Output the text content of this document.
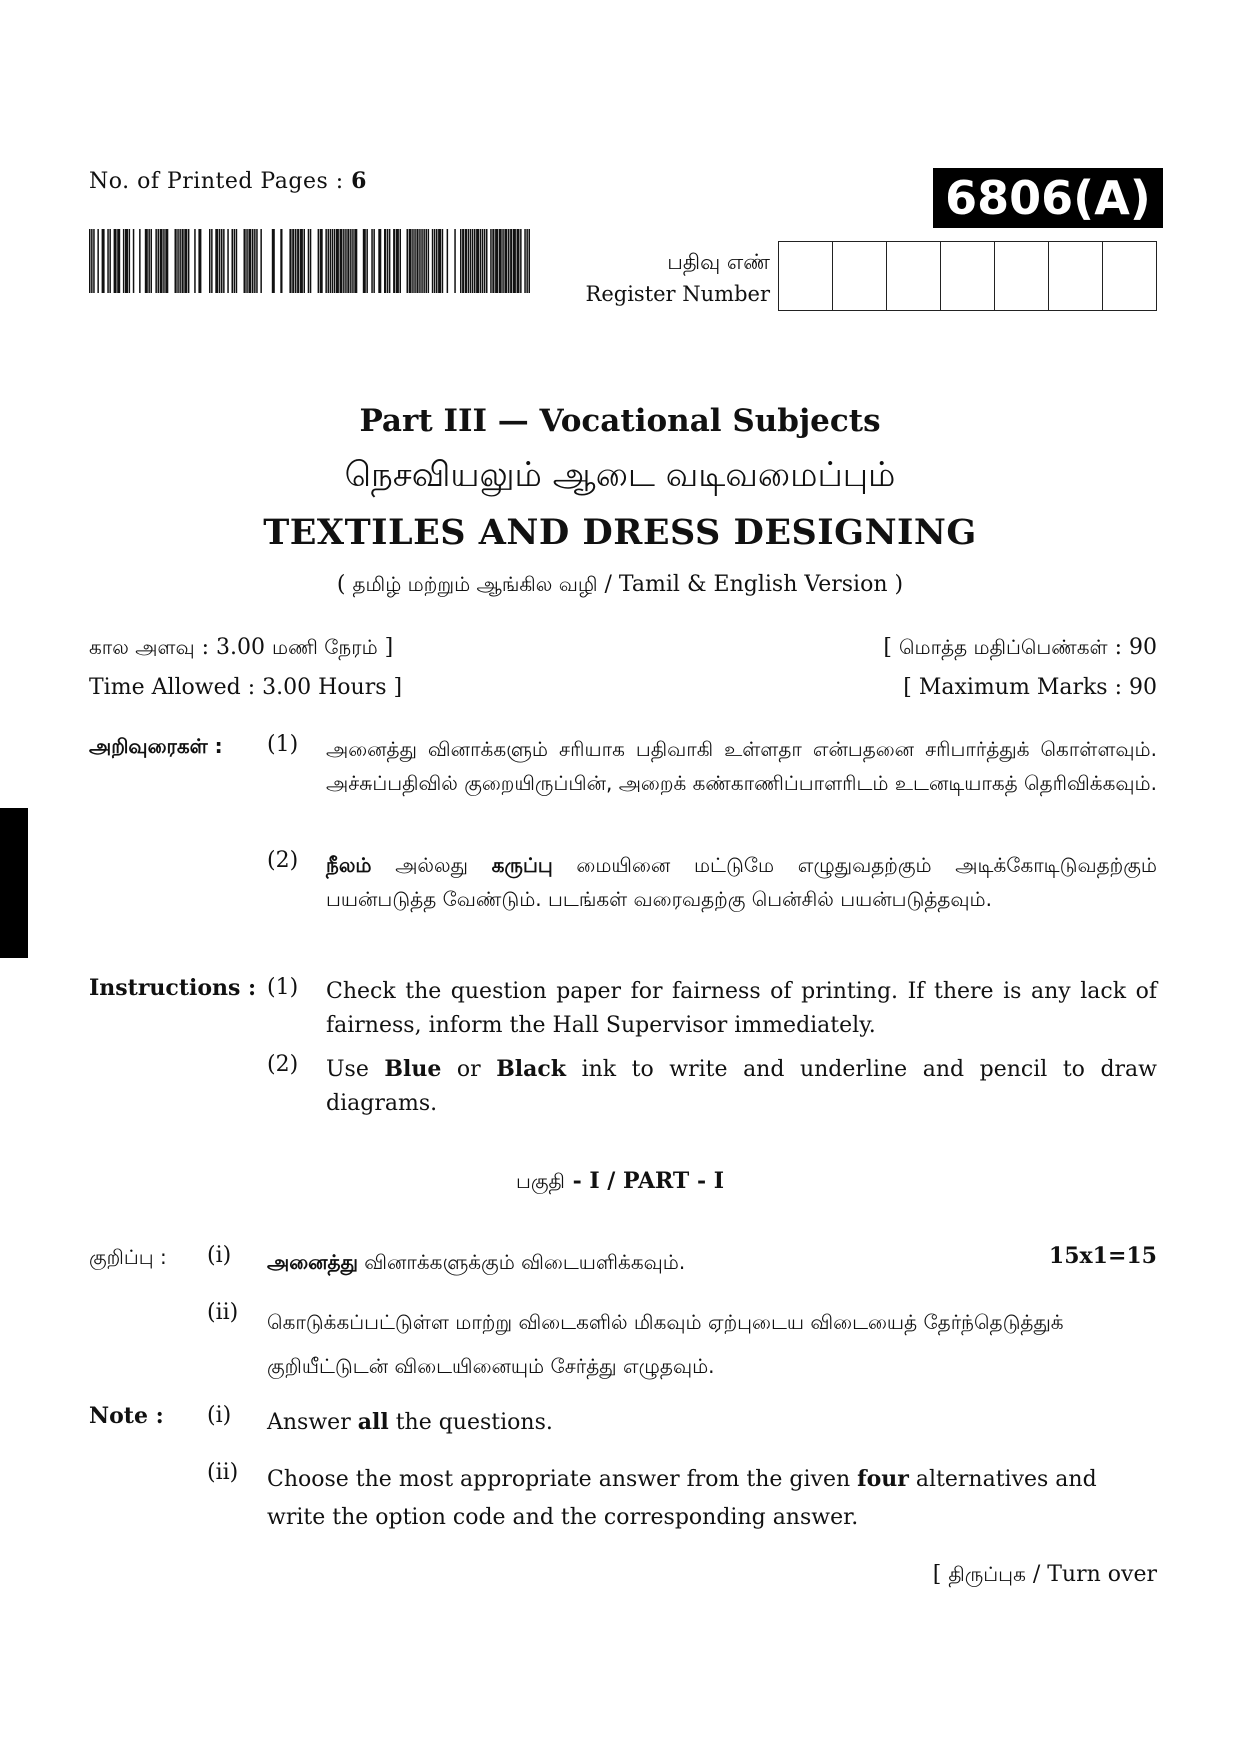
No. of Printed Pages : 6	6806(A)
பதிவு எண்
Register Number
Part III — Vocational Subjects
நெசவியலும் ஆடை வடிவமைப்பும்
TEXTILES AND DRESS DESIGNING
( தமிழ் மற்றும் ஆங்கில வழி / Tamil & English Version )
கால அளவு : 3.00 மணி நேரம் ]	[ மொத்த மதிப்பெண்கள் : 90
Time Allowed : 3.00 Hours ]	[ Maximum Marks : 90
அறிவுரைகள் : (1) அனைத்து வினாக்களும் சரியாக பதிவாகி உள்ளதா என்பதனை சரிபார்த்துக் கொள்ளவும். அச்சுப்பதிவில் குறையிருப்பின், அறைக் கண்காணிப்பாளரிடம் உடனடியாகத் தெரிவிக்கவும்.
(2) நீலம் அல்லது கருப்பு மையினை மட்டுமே எழுதுவதற்கும் அடிக்கோடிடுவதற்கும் பயன்படுத்த வேண்டும். படங்கள் வரைவதற்கு பென்சில் பயன்படுத்தவும்.
Instructions : (1) Check the question paper for fairness of printing. If there is any lack of fairness, inform the Hall Supervisor immediately.
(2) Use Blue or Black ink to write and underline and pencil to draw diagrams.
பகுதி - I / PART - I
குறிப்பு : (i) அனைத்து வினாக்களுக்கும் விடையளிக்கவும்.	15x1=15
(ii) கொடுக்கப்பட்டுள்ள மாற்று விடைகளில் மிகவும் ஏற்புடைய விடையைத் தேர்ந்தெடுத்துக் குறியீட்டுடன் விடையினையும் சேர்த்து எழுதவும்.
Note : (i) Answer all the questions.
(ii) Choose the most appropriate answer from the given four alternatives and write the option code and the corresponding answer.
[ திருப்புக / Turn over
